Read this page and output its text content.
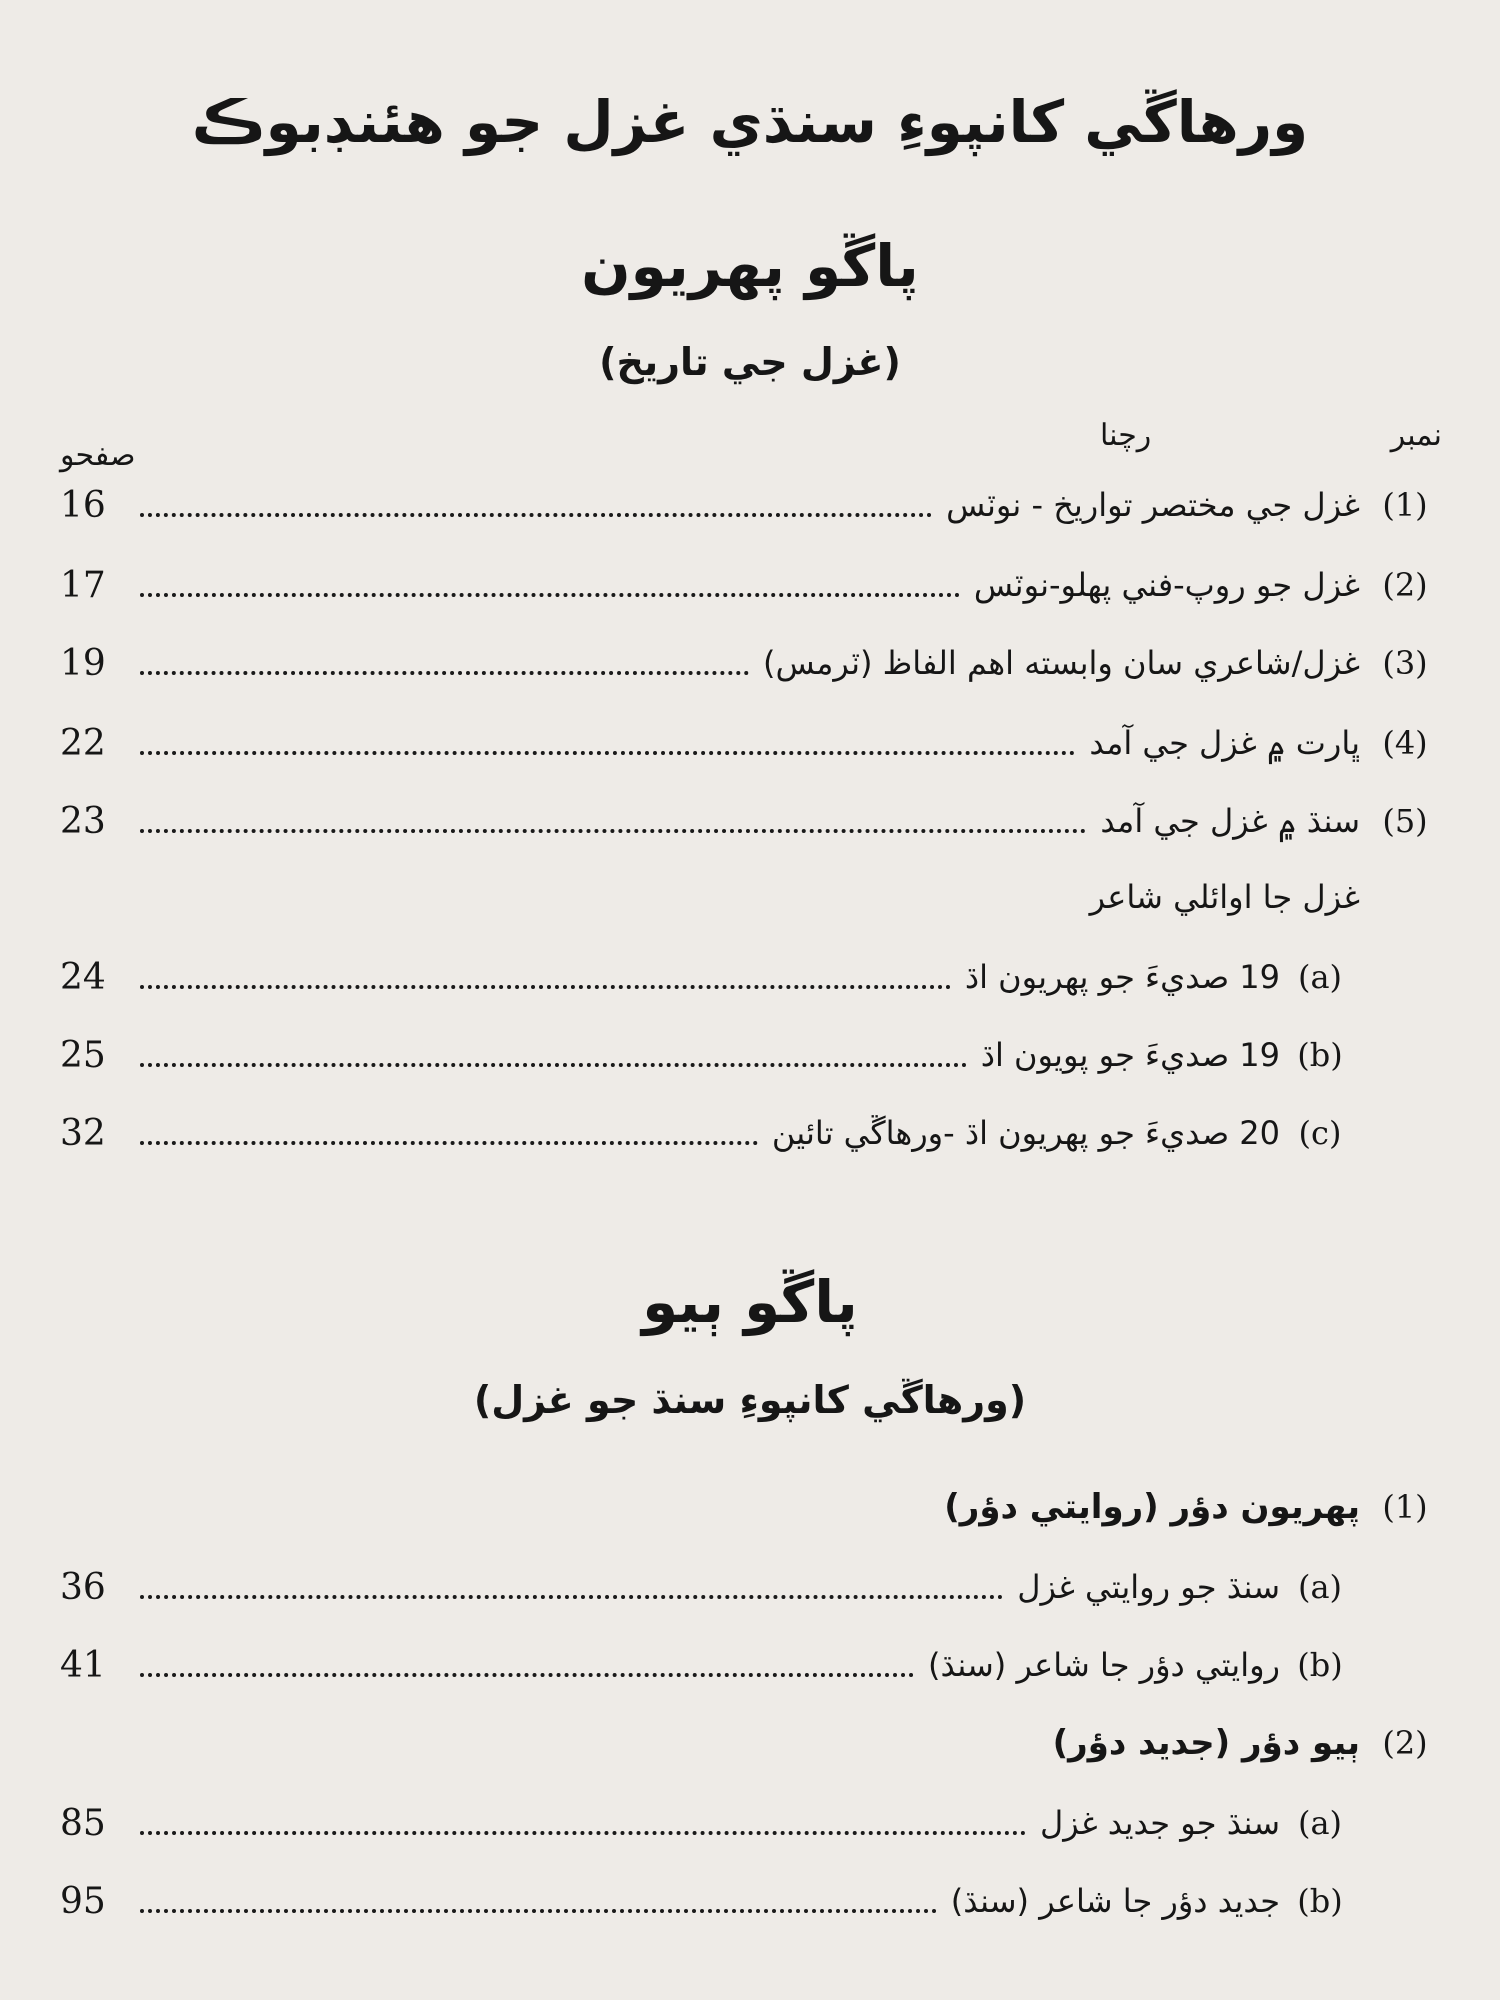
‎ ‎
ورهاڱي کانپوءِ سنڌي غزل جو هئنڊبوڪ
پاڱو پهريون
(غزل جي تاريخ)
نمبر
رچنا
صفحو
16	غزل جي مختصر تواريخ - نوٽس (1)
17	غزل جو روپ-فني پهلو-نوٽس (2)
19	غزل/شاعري سان وابسته اهم الفاظ (ٽرمس) (3)
22	ڀارت ۾ غزل جي آمد (4)
23	سنڌ ۾ غزل جي آمد (5)
غزل جا اوائلي شاعر
24	19 صديءَ جو پهريون اڌ (a)
25	19 صديءَ جو پويون اڌ (b)
32	20 صديءَ جو پهريون اڌ -ورهاڱي تائين (c)
پاڱو ٻيو
(ورهاڱي کانپوءِ سنڌ جو غزل)
پهريون دؤر (روايتي دؤر) (1)
36	سنڌ جو روايتي غزل (a)
41	روايتي دؤر جا شاعر (سنڌ) (b)
ٻيو دؤر (جديد دؤر) (2)
85	سنڌ جو جديد غزل (a)
95	جديد دؤر جا شاعر (سنڌ) (b)
